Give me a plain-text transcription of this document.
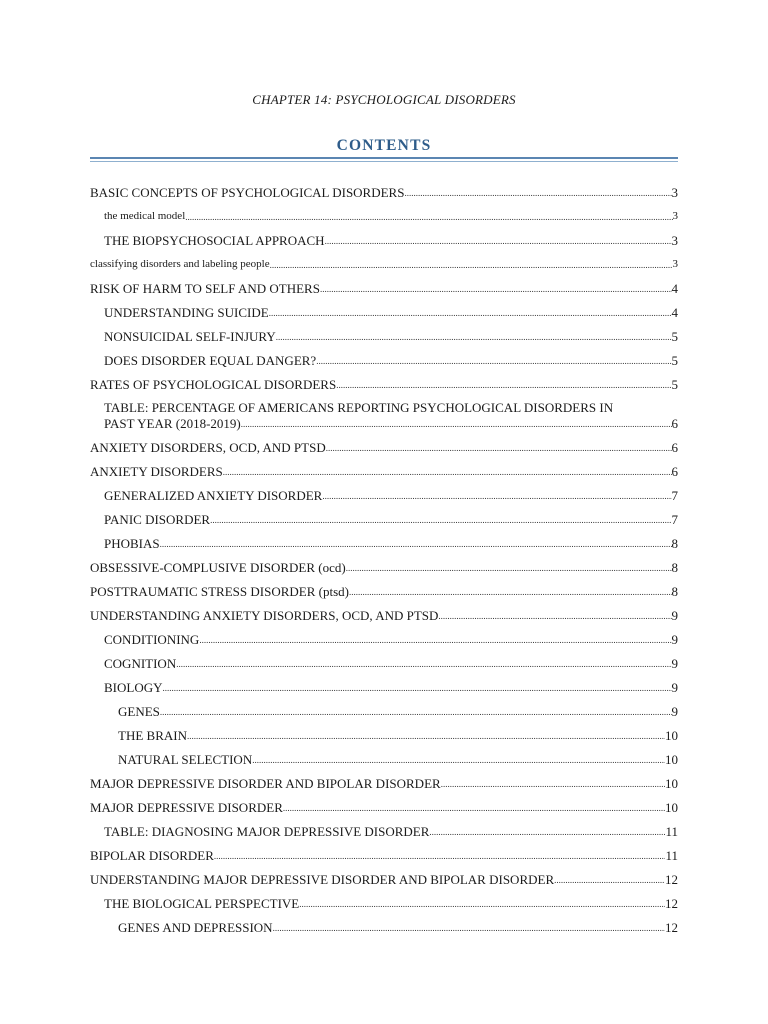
CHAPTER 14: PSYCHOLOGICAL DISORDERS
CONTENTS
BASIC CONCEPTS OF PSYCHOLOGICAL DISORDERS .....	3
the medical model .....	3
THE BIOPSYCHOSOCIAL APPROACH .....	3
classifying disorders and labeling people .....	3
RISK OF HARM TO SELF AND OTHERS .....	4
UNDERSTANDING SUICIDE .....	4
NONSUICIDAL SELF-INJURY .....	5
DOES DISORDER EQUAL DANGER? .....	5
RATES OF PSYCHOLOGICAL DISORDERS .....	5
TABLE: PERCENTAGE OF AMERICANS REPORTING PSYCHOLOGICAL DISORDERS IN
PAST YEAR (2018-2019) .....	6
ANXIETY DISORDERS, OCD, AND PTSD .....	6
ANXIETY DISORDERS .....	6
GENERALIZED ANXIETY DISORDER .....	7
PANIC DISORDER .....	7
PHOBIAS .....	8
OBSESSIVE-COMPLUSIVE DISORDER (ocd) .....	8
POSTTRAUMATIC STRESS DISORDER (ptsd) .....	8
UNDERSTANDING ANXIETY DISORDERS, OCD, AND PTSD .....	9
CONDITIONING .....	9
COGNITION .....	9
BIOLOGY .....	9
GENES .....	9
THE BRAIN .....	10
NATURAL SELECTION .....	10
MAJOR DEPRESSIVE DISORDER AND BIPOLAR DISORDER .....	10
MAJOR DEPRESSIVE DISORDER .....	10
TABLE: DIAGNOSING MAJOR DEPRESSIVE DISORDER .....	11
BIPOLAR DISORDER .....	11
UNDERSTANDING MAJOR DEPRESSIVE DISORDER AND BIPOLAR DISORDER .....	12
THE BIOLOGICAL PERSPECTIVE .....	12
GENES AND DEPRESSION .....	12
